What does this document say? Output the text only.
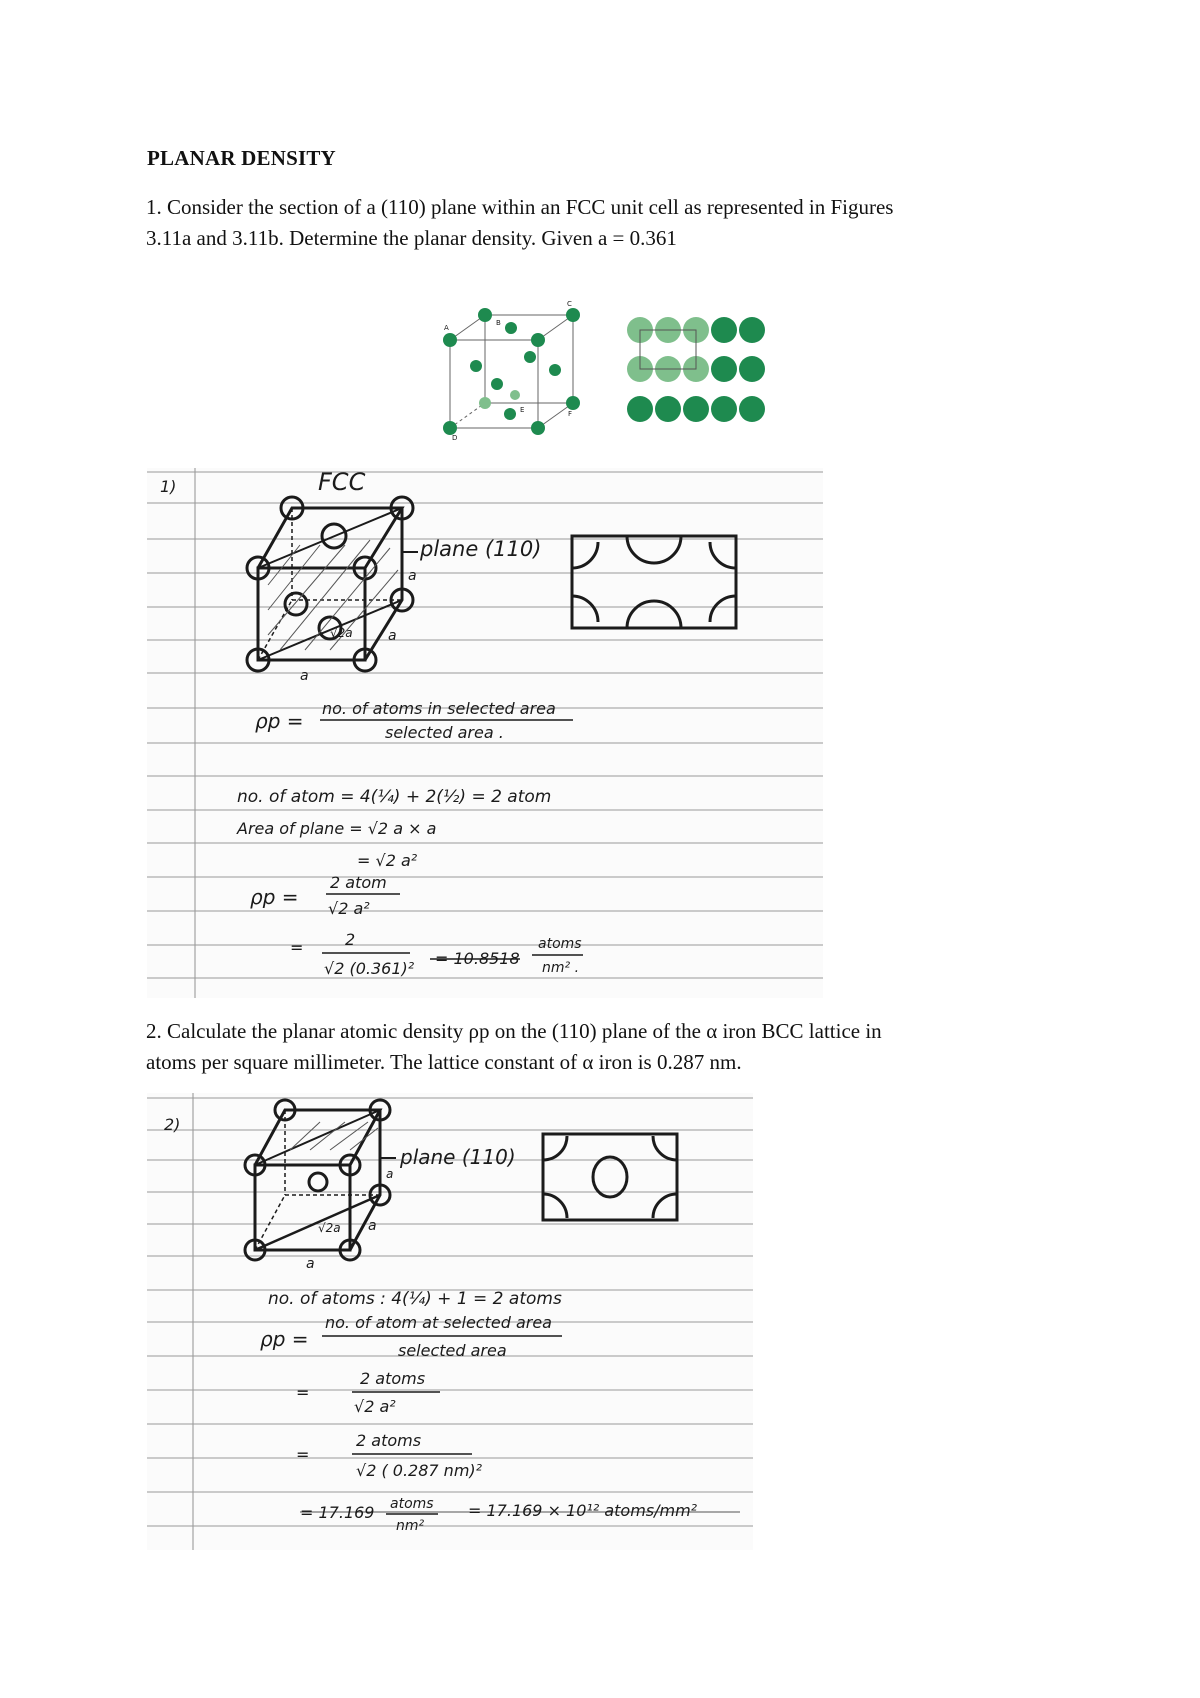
PLANAR DENSITY
1. Consider the section of a (110) plane within an FCC unit cell as represented in Figures
3.11a and 3.11b. Determine the planar density. Given a = 0.361
2. Calculate the planar atomic density ρp on the (110) plane of the α iron BCC lattice in
atoms per square millimeter. The lattice constant of α iron is 0.287 nm.
A
B
C
D
E	F
1)	FCC
plane (110)
a
a
a
√2a
ρp =
no. of atoms in selected area
selected area .
no. of atom = 4(¼) + 2(½) = 2 atom
Area of plane = √2 a × a
= √2 a²
ρp =
2 atom
√2 a²
=	2
√2 (0.361)²
= 10.8518
atoms
nm² .
2)
plane (110)
a
a
a
√2a
no. of atoms : 4(¼) + 1 = 2 atoms
ρp =
no. of atom at selected area
selected area
=
2 atoms
√2 a²
=
2 atoms
√2 ( 0.287 nm)²
= 17.169 atoms
nm²
= 17.169 × 10¹² atoms/mm²
